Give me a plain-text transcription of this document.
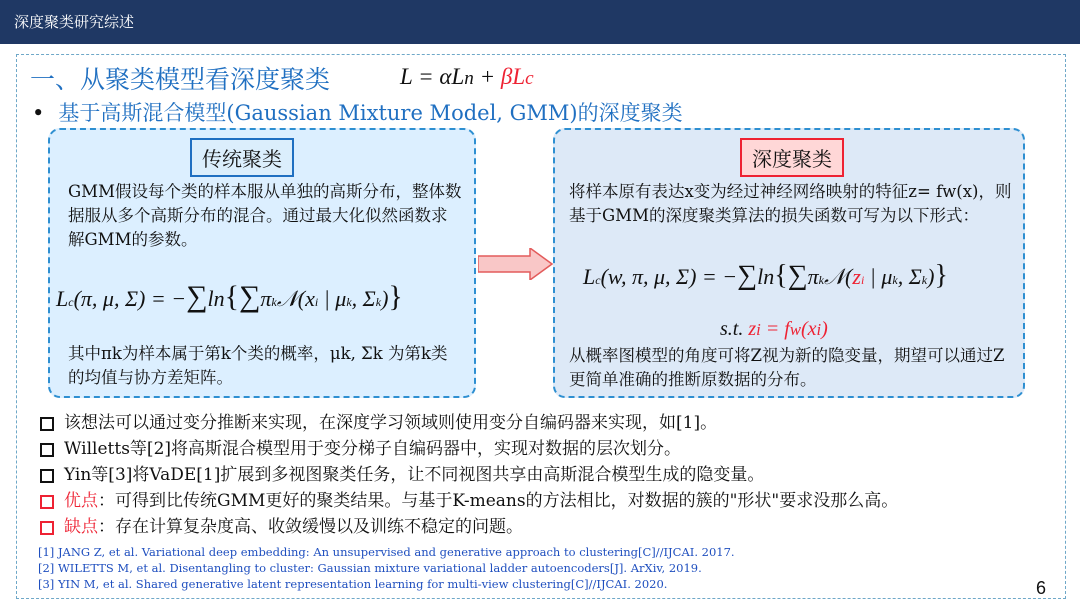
深度聚类研究综述
一、从聚类模型看深度聚类	L = αLn + βLc
• 基于高斯混合模型(Gaussian Mixture Model, GMM)的深度聚类
传统聚类
GMM假设每个类的样本服从单独的高斯分布，整体数据服从多个高斯分布的混合。通过最大化似然函数求解GMM的参数。
Lc(π, μ, Σ) = −∑ln{∑πk𝒩(xi | μk, Σk)}
其中πk为样本属于第k个类的概率，μk, Σk 为第k类的均值与协方差矩阵。
深度聚类
将样本原有表达x变为经过神经网络映射的特征z= fw(x)，则基于GMM的深度聚类算法的损失函数可写为以下形式：
Lc(w, π, μ, Σ) = −∑ln{∑πk𝒩(zi | μk, Σk)}
s.t. zi = fw(xi)
从概率图模型的角度可将Z视为新的隐变量，期望可以通过Z更简单准确的推断原数据的分布。
该想法可以通过变分推断来实现，在深度学习领域则使用变分自编码器来实现，如[1]。
Willetts等[2]将高斯混合模型用于变分梯子自编码器中，实现对数据的层次划分。
Yin等[3]将VaDE[1]扩展到多视图聚类任务，让不同视图共享由高斯混合模型生成的隐变量。
优点：可得到比传统GMM更好的聚类结果。与基于K-means的方法相比，对数据的簇的"形状"要求没那么高。
缺点：存在计算复杂度高、收敛缓慢以及训练不稳定的问题。
[1] JANG Z, et al. Variational deep embedding: An unsupervised and generative approach to clustering[C]//IJCAI. 2017.
[2] WILETTS M, et al. Disentangling to cluster: Gaussian mixture variational ladder autoencoders[J]. ArXiv, 2019.
[3] YIN M, et al. Shared generative latent representation learning for multi-view clustering[C]//IJCAI. 2020.	6
